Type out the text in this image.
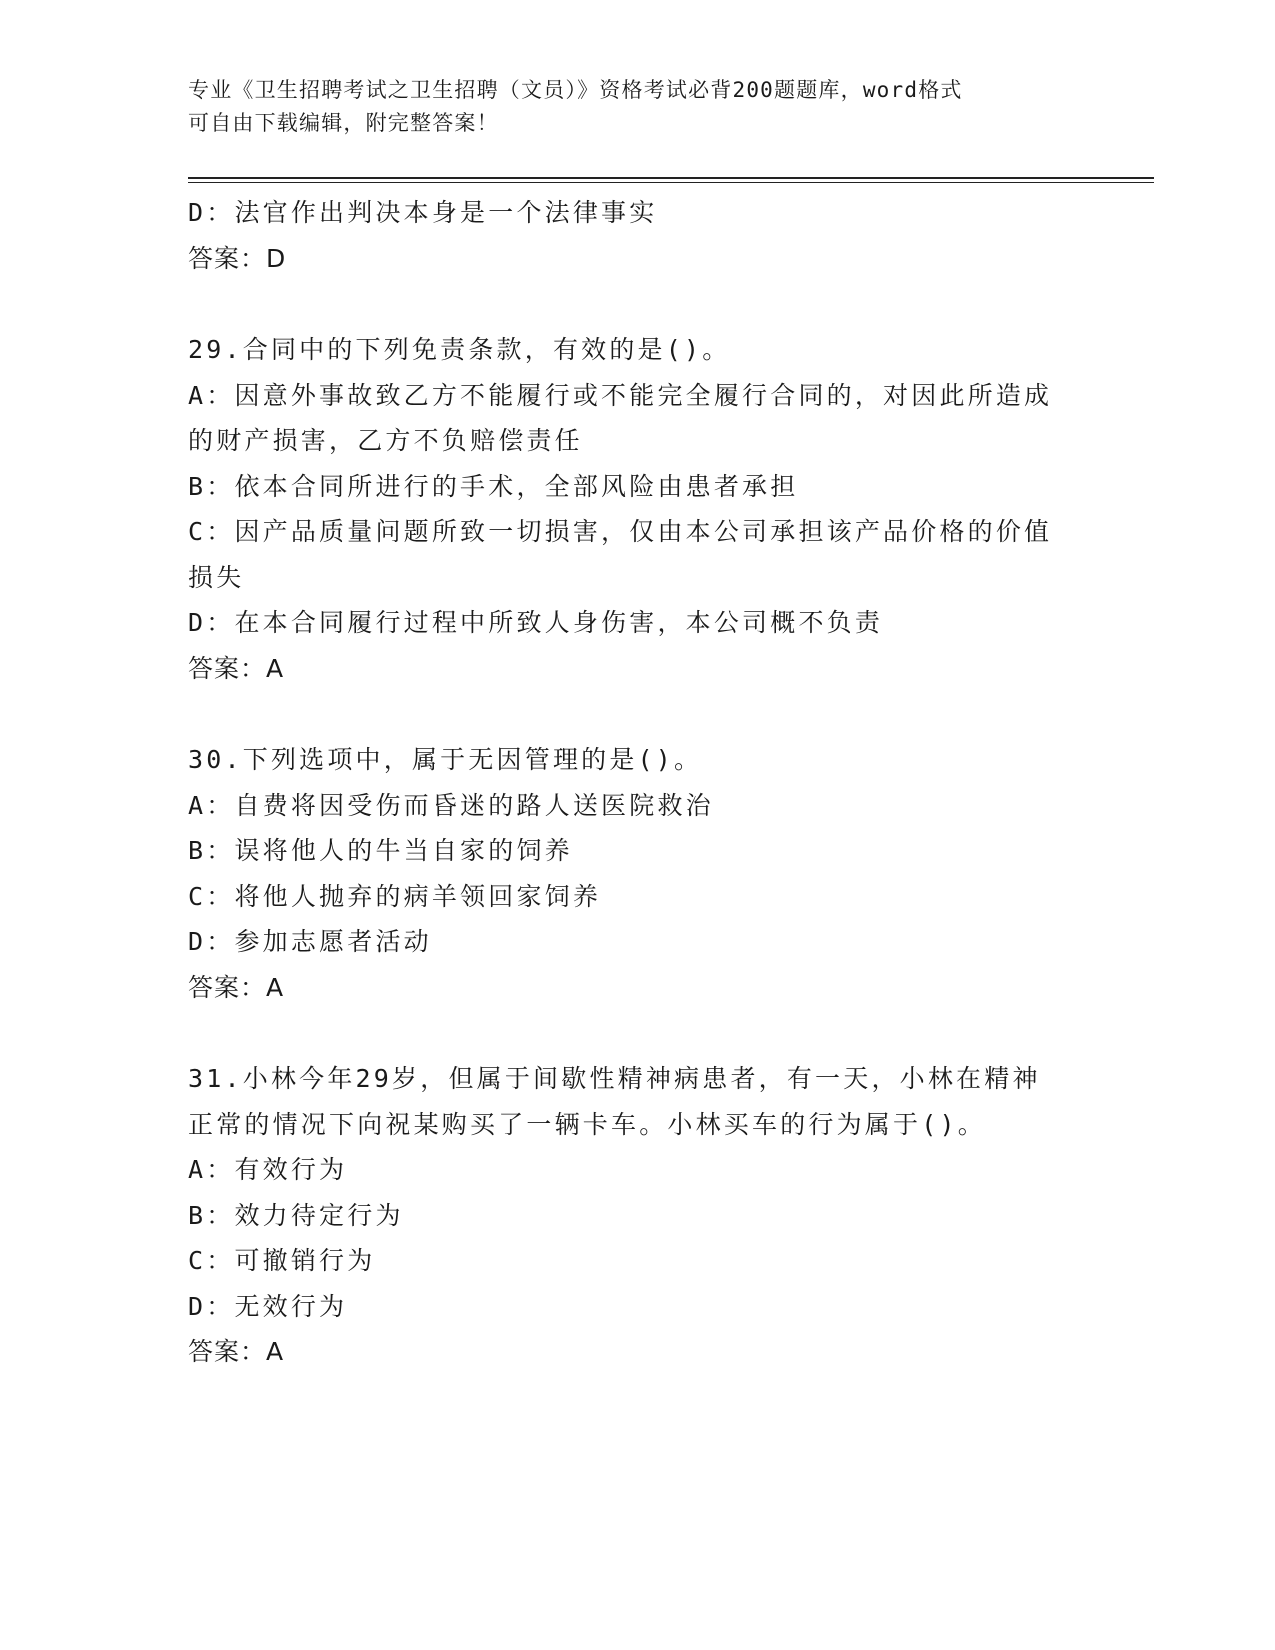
专业《卫生招聘考试之卫生招聘（文员）》资格考试必背200题题库，word格式
可自由下载编辑，附完整答案！

D：法官作出判决本身是一个法律事实

答案：D

29.合同中的下列免责条款，有效的是()。

A：因意外事故致乙方不能履行或不能完全履行合同的，对因此所造成

的财产损害，乙方不负赔偿责任

B：依本合同所进行的手术，全部风险由患者承担

C：因产品质量问题所致一切损害，仅由本公司承担该产品价格的价值

损失

D：在本合同履行过程中所致人身伤害，本公司概不负责

答案：A

30.下列选项中，属于无因管理的是()。

A：自费将因受伤而昏迷的路人送医院救治

B：误将他人的牛当自家的饲养

C：将他人抛弃的病羊领回家饲养

D：参加志愿者活动

答案：A

31.小林今年29岁，但属于间歇性精神病患者，有一天，小林在精神

正常的情况下向祝某购买了一辆卡车。小林买车的行为属于()。

A：有效行为

B：效力待定行为

C：可撤销行为

D：无效行为

答案：A
